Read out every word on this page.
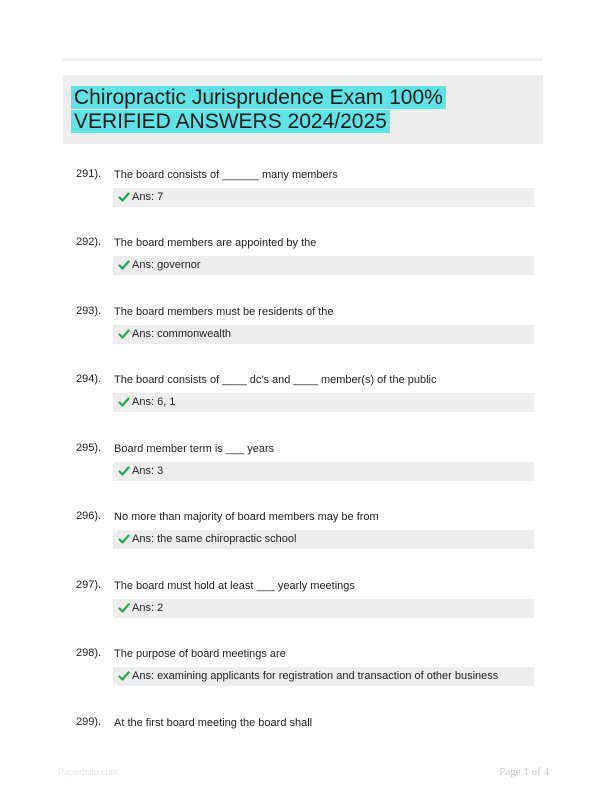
Chiropractic Jurisprudence Exam 100%
VERIFIED ANSWERS 2024/2025
291). The board consists of ______ many members
Ans: 7
292). The board members are appointed by the
Ans: governor
293). The board members must be residents of the
Ans: commonwealth
294). The board consists of ____ dc's and ____ member(s) of the public
Ans: 6, 1
295). Board member term is ___ years
Ans: 3
296). No more than majority of board members may be from
Ans: the same chiropractic school
297). The board must hold at least ___ yearly meetings
Ans: 2
298). The purpose of board meetings are
Ans: examining applicants for registration and transaction of other business
299). At the first board meeting the board shall
Paperfolio.com	Page 1 of 4
